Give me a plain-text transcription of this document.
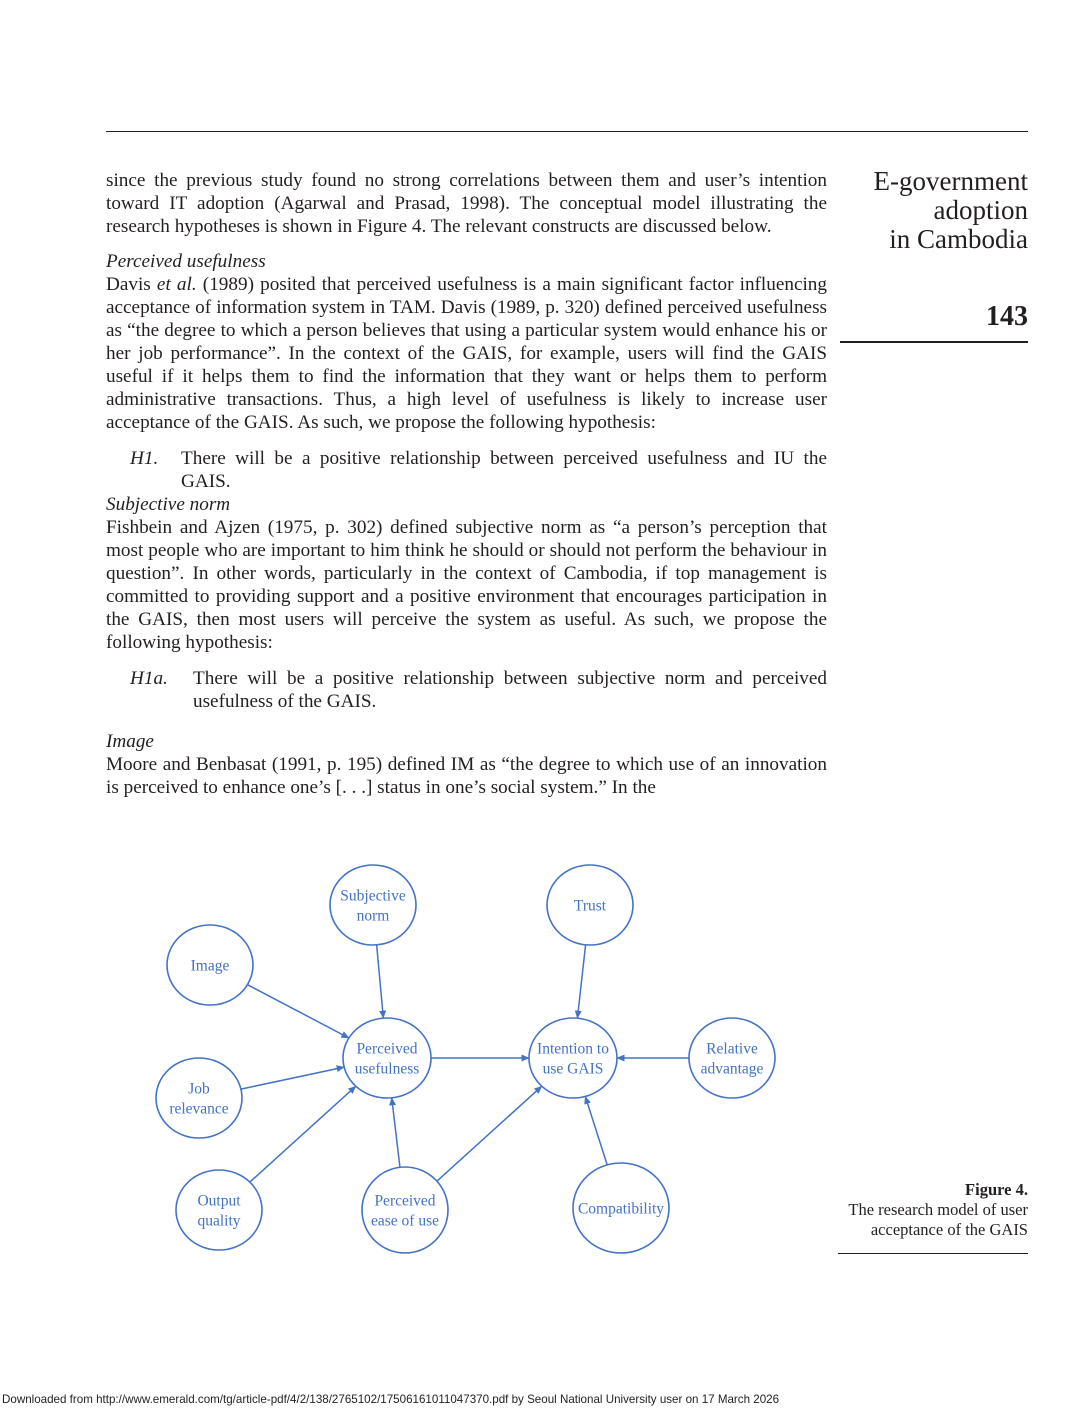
E-government
adoption
in Cambodia
143

since the previous study found no strong correlations between them and user’s intention toward IT adoption (Agarwal and Prasad, 1998). The conceptual model illustrating the research hypotheses is shown in Figure 4. The relevant constructs are discussed below.

Perceived usefulness

Davis et al. (1989) posited that perceived usefulness is a main significant factor influencing acceptance of information system in TAM. Davis (1989, p. 320) defined perceived usefulness as “the degree to which a person believes that using a particular system would enhance his or her job performance”. In the context of the GAIS, for example, users will find the GAIS useful if it helps them to find the information that they want or helps them to perform administrative transactions. Thus, a high level of usefulness is likely to increase user acceptance of the GAIS. As such, we propose the following hypothesis:

H1.	There will be a positive relationship between perceived usefulness and IU the GAIS.

Subjective norm

Fishbein and Ajzen (1975, p. 302) defined subjective norm as “a person’s perception that most people who are important to him think he should or should not perform the behaviour in question”. In other words, particularly in the context of Cambodia, if top management is committed to providing support and a positive environment that encourages participation in the GAIS, then most users will perceive the system as useful. As such, we propose the following hypothesis:

H1a.	There will be a positive relationship between subjective norm and perceived usefulness of the GAIS.

Image

Moore and Benbasat (1991, p. 195) defined IM as “the degree to which use of an innovation is perceived to enhance one’s [. . .] status in one’s social system.” In the

Subjective
norm
Trust
Image
Perceived
usefulness
Intention to
use GAIS
Relative
advantage
Job
relevance
Output
quality
Perceived
ease of use
Compatibility
Figure 4.
The research model of user
acceptance of the GAIS
Downloaded from http://www.emerald.com/tg/article-pdf/4/2/138/2765102/17506161011047370.pdf by Seoul National University user on 17 March 2026
